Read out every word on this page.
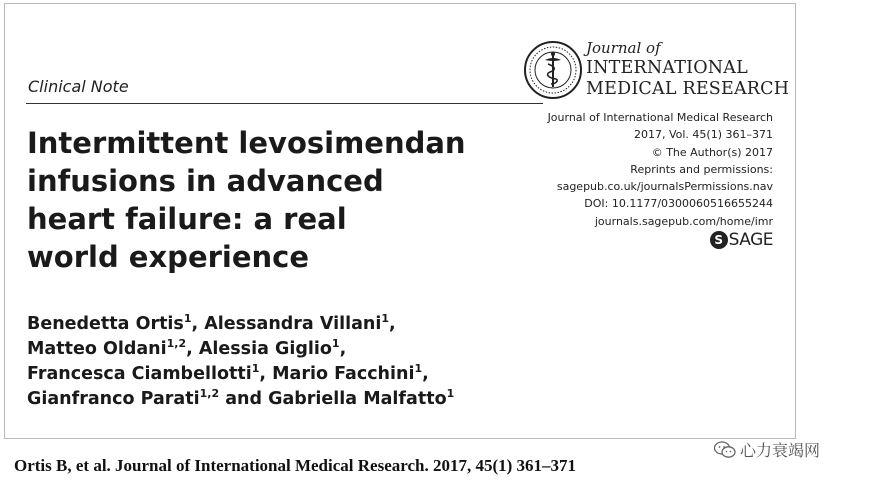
Clinical Note
Intermittent levosimendan
infusions in advanced
heart failure: a real
world experience
Benedetta Ortis$^1$, Alessandra Villani$^1$,
Matteo Oldani$^{1,2}$, Alessia Giglio$^1$,
Francesca Ciambellotti$^1$, Mario Facchini$^1$,
Gianfranco Parati$^{1,2}$ and Gabriella Malfatto$^1$
Journal of
INTERNATIONAL
MEDICAL RESEARCH
Journal of International Medical Research
2017, Vol. 45(1) 361–371
© The Author(s) 2017
Reprints and permissions:
sagepub.co.uk/journalsPermissions.nav
DOI: 10.1177/0300060516655244
journals.sagepub.com/home/imr
S SAGE
Ortis B, et al. Journal of International Medical Research. 2017, 45(1) 361–371
心力衰竭网
